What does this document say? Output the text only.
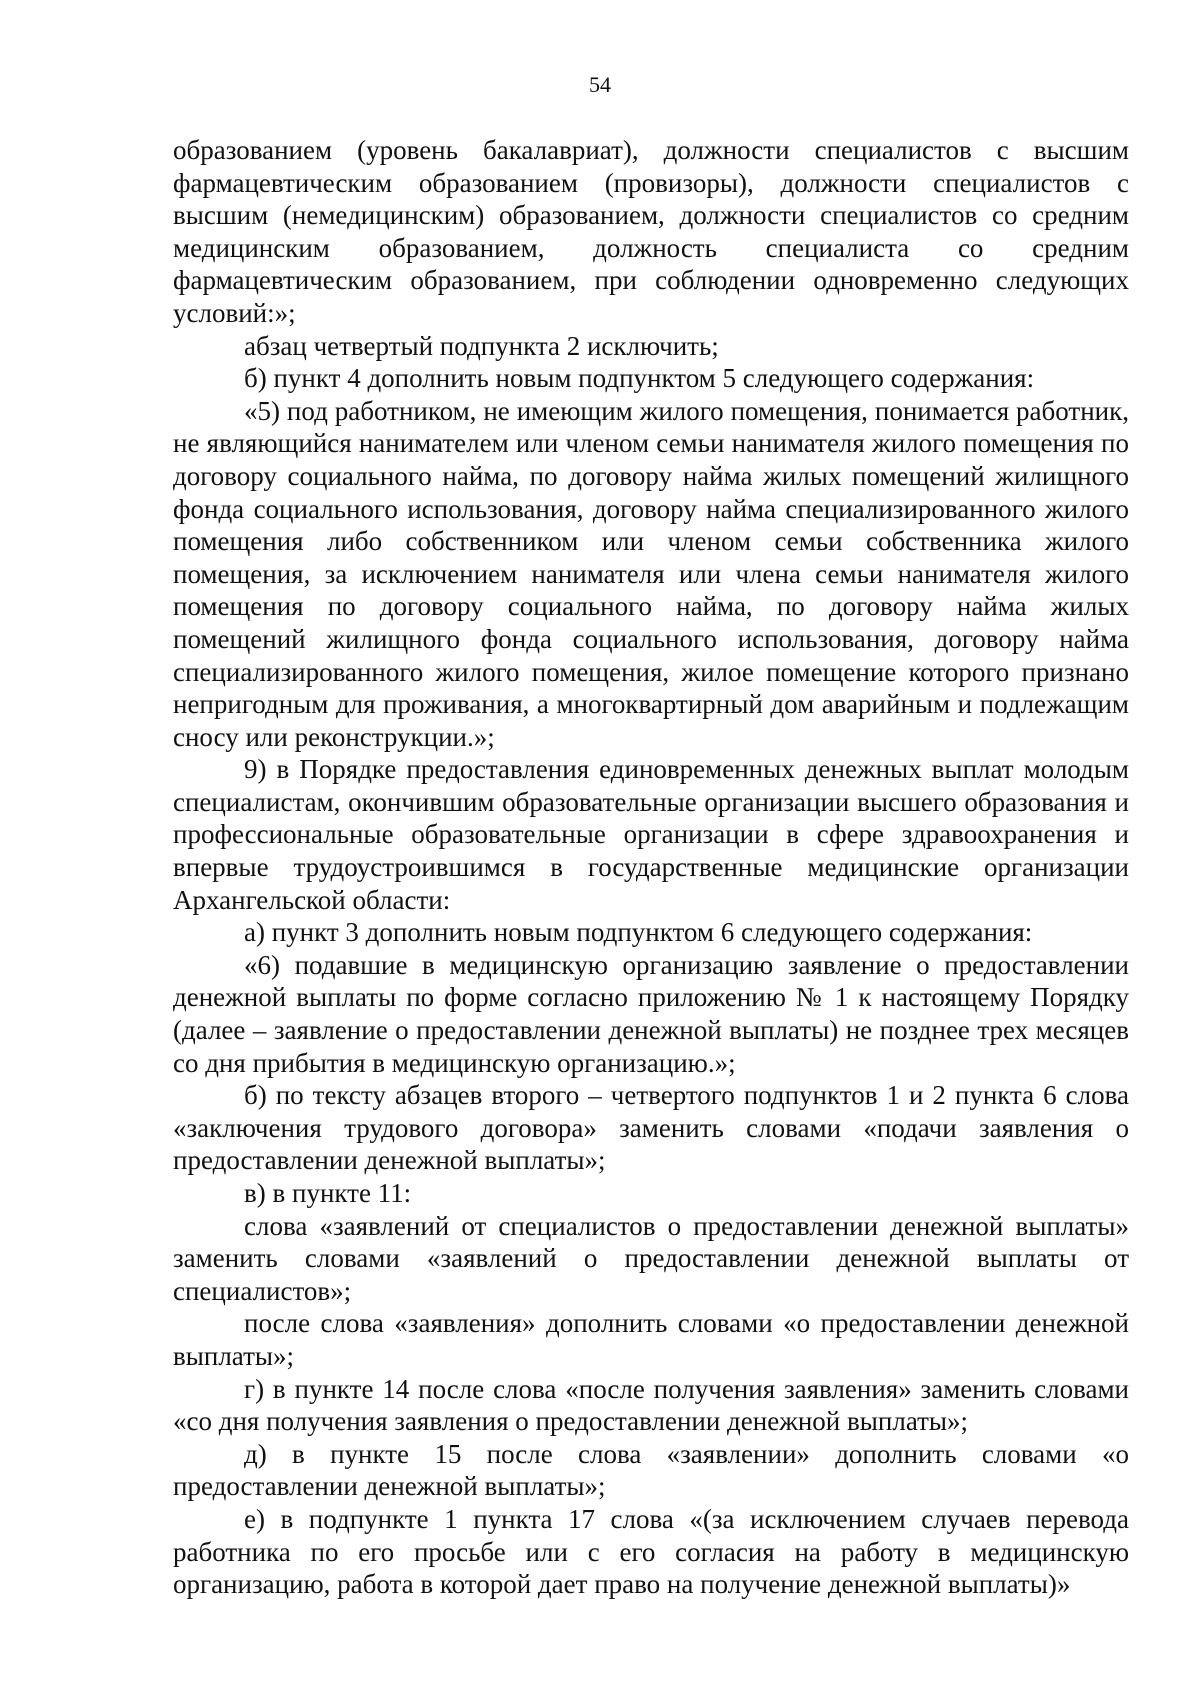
54

образованием (уровень бакалавриат), должности специалистов с высшим фармацевтическим образованием (провизоры), должности специалистов с высшим (немедицинским) образованием, должности специалистов со средним медицинским образованием, должность специалиста со средним фармацевтическим образованием, при соблюдении одновременно следующих условий:»;

абзац четвертый подпункта 2 исключить;

б) пункт 4 дополнить новым подпунктом 5 следующего содержания:

«5) под работником, не имеющим жилого помещения, понимается работник, не являющийся нанимателем или членом семьи нанимателя жилого помещения по договору социального найма, по договору найма жилых помещений жилищного фонда социального использования, договору найма специализированного жилого помещения либо собственником или членом семьи собственника жилого помещения, за исключением нанимателя или члена семьи нанимателя жилого помещения по договору социального найма, по договору найма жилых помещений жилищного фонда социального использования, договору найма специализированного жилого помещения, жилое помещение которого признано непригодным для проживания, а многоквартирный дом аварийным и подлежащим сносу или реконструкции.»;

9) в Порядке предоставления единовременных денежных выплат молодым специалистам, окончившим образовательные организации высшего образования и профессиональные образовательные организации в сфере здравоохранения и впервые трудоустроившимся в государственные медицинские организации Архангельской области:

а) пункт 3 дополнить новым подпунктом 6 следующего содержания:

«6) подавшие в медицинскую организацию заявление о предоставлении денежной выплаты по форме согласно приложению № 1 к настоящему Порядку (далее – заявление о предоставлении денежной выплаты) не позднее трех месяцев со дня прибытия в медицинскую организацию.»;

б) по тексту абзацев второго – четвертого подпунктов 1 и 2 пункта 6 слова «заключения трудового договора» заменить словами «подачи заявления о предоставлении денежной выплаты»;

в) в пункте 11:

слова «заявлений от специалистов о предоставлении денежной выплаты» заменить словами «заявлений о предоставлении денежной выплаты от специалистов»;

после слова «заявления» дополнить словами «о предоставлении денежной выплаты»;

г) в пункте 14 после слова «после получения заявления» заменить словами «со дня получения заявления о предоставлении денежной выплаты»;

д) в пункте 15 после слова «заявлении» дополнить словами «о предоставлении денежной выплаты»;

е) в подпункте 1 пункта 17 слова «(за исключением случаев перевода работника по его просьбе или с его согласия на работу в медицинскую организацию, работа в которой дает право на получение денежной выплаты)»
